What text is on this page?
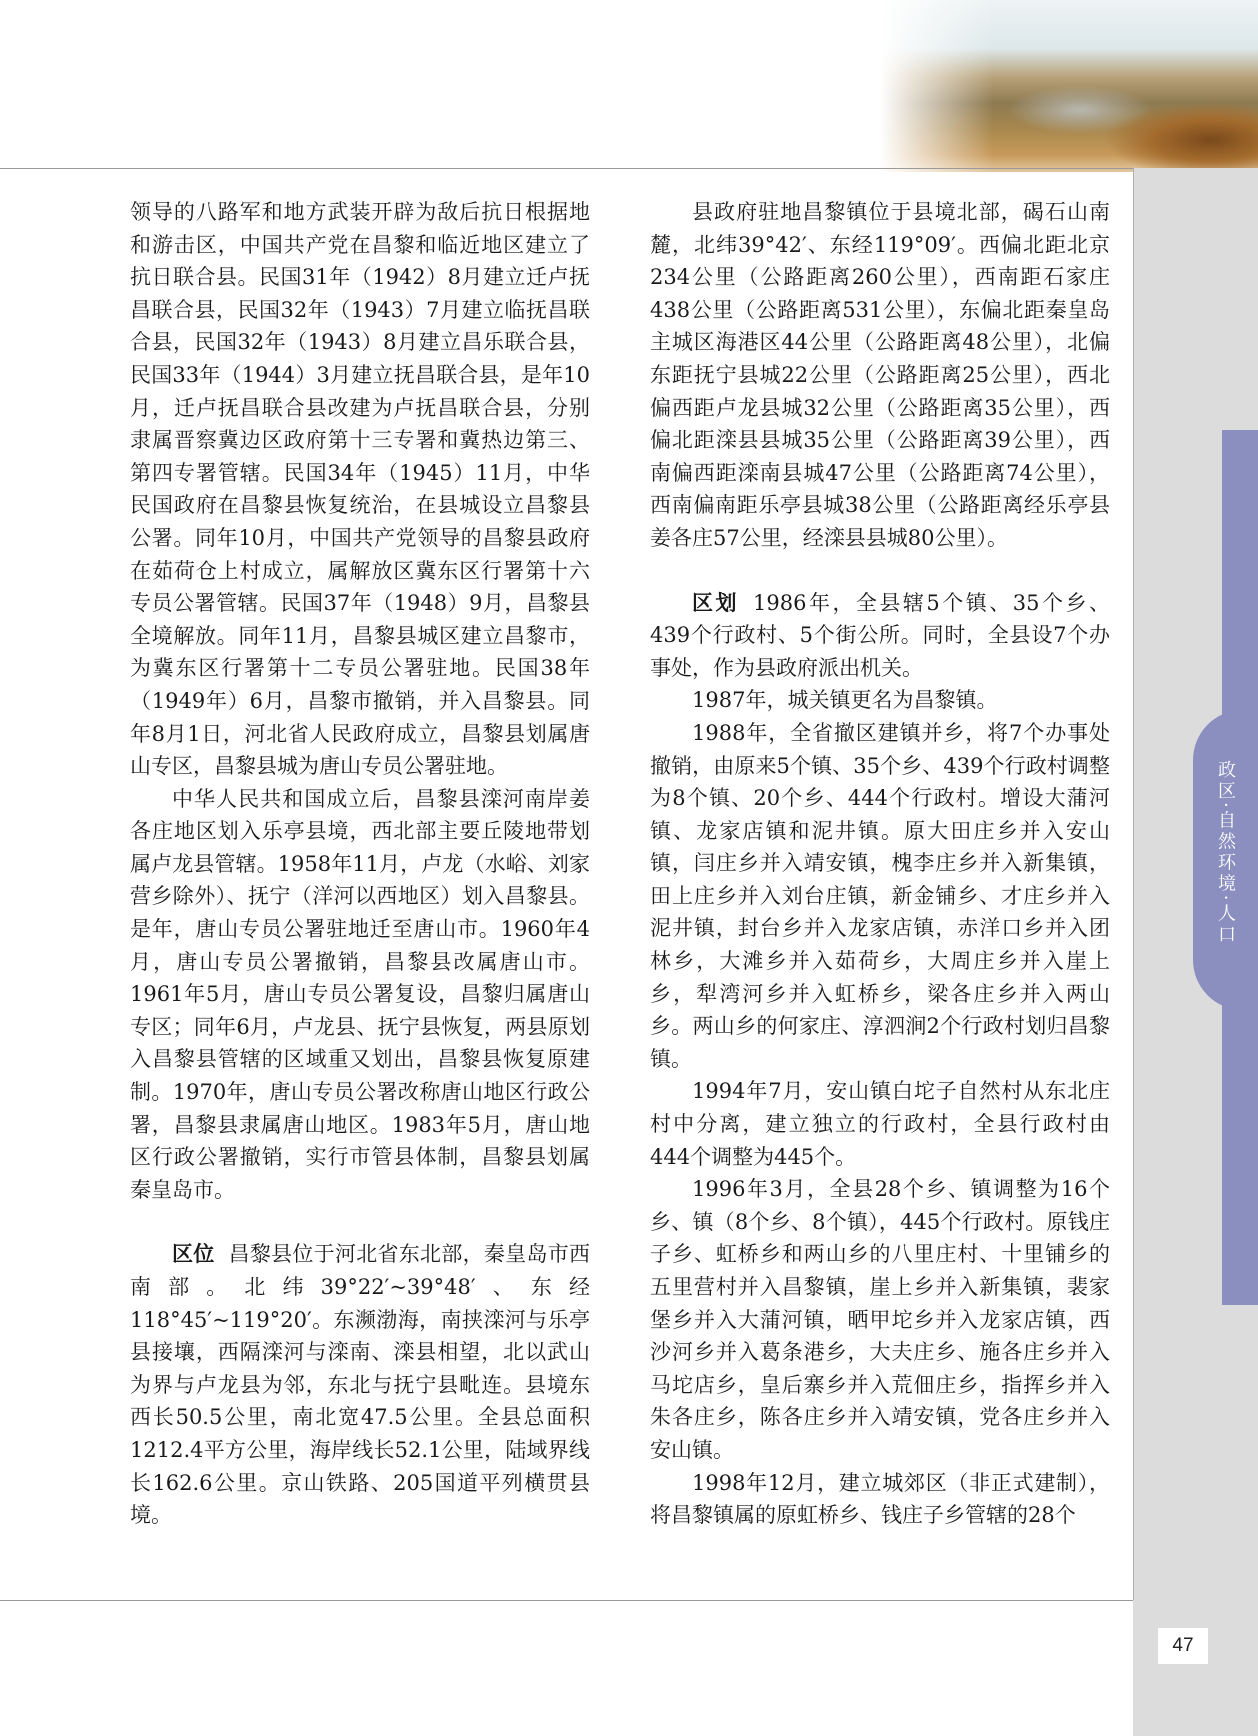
政区·自然环境·人口

领导的八路军和地方武装开辟为敌后抗日根据地和游击区，中国共产党在昌黎和临近地区建立了抗日联合县。民国31年（1942）8月建立迁卢抚昌联合县，民国32年（1943）7月建立临抚昌联合县，民国32年（1943）8月建立昌乐联合县，民国33年（1944）3月建立抚昌联合县，是年10月，迁卢抚昌联合县改建为卢抚昌联合县，分别隶属晋察冀边区政府第十三专署和冀热边第三、第四专署管辖。民国34年（1945）11月，中华民国政府在昌黎县恢复统治，在县城设立昌黎县公署。同年10月，中国共产党领导的昌黎县政府在茹荷仓上村成立，属解放区冀东区行署第十六专员公署管辖。民国37年（1948）9月，昌黎县全境解放。同年11月，昌黎县城区建立昌黎市，为冀东区行署第十二专员公署驻地。民国38年（1949年）6月，昌黎市撤销，并入昌黎县。同年8月1日，河北省人民政府成立，昌黎县划属唐山专区，昌黎县城为唐山专员公署驻地。

中华人民共和国成立后，昌黎县滦河南岸姜各庄地区划入乐亭县境，西北部主要丘陵地带划属卢龙县管辖。1958年11月，卢龙（水峪、刘家营乡除外）、抚宁（洋河以西地区）划入昌黎县。是年，唐山专员公署驻地迁至唐山市。1960年4月，唐山专员公署撤销，昌黎县改属唐山市。1961年5月，唐山专员公署复设，昌黎归属唐山专区；同年6月，卢龙县、抚宁县恢复，两县原划入昌黎县管辖的区域重又划出，昌黎县恢复原建制。1970年，唐山专员公署改称唐山地区行政公署，昌黎县隶属唐山地区。1983年5月，唐山地区行政公署撤销，实行市管县体制，昌黎县划属秦皇岛市。

区位 昌黎县位于河北省东北部，秦皇岛市西南部。北纬39°22′~39°48′、东经118°45′~119°20′。东濒渤海，南挟滦河与乐亭县接壤，西隔滦河与滦南、滦县相望，北以武山为界与卢龙县为邻，东北与抚宁县毗连。县境东西长50.5公里，南北宽47.5公里。全县总面积1212.4平方公里，海岸线长52.1公里，陆域界线长162.6公里。京山铁路、205国道平列横贯县境。

县政府驻地昌黎镇位于县境北部，碣石山南麓，北纬39°42′、东经119°09′。西偏北距北京234公里（公路距离260公里），西南距石家庄438公里（公路距离531公里），东偏北距秦皇岛主城区海港区44公里（公路距离48公里），北偏东距抚宁县城22公里（公路距离25公里），西北偏西距卢龙县城32公里（公路距离35公里），西偏北距滦县县城35公里（公路距离39公里），西南偏西距滦南县城47公里（公路距离74公里），西南偏南距乐亭县城38公里（公路距离经乐亭县姜各庄57公里，经滦县县城80公里）。

区划 1986年，全县辖5个镇、35个乡、439个行政村、5个街公所。同时，全县设7个办事处，作为县政府派出机关。

1987年，城关镇更名为昌黎镇。

1988年，全省撤区建镇并乡，将7个办事处撤销，由原来5个镇、35个乡、439个行政村调整为8个镇、20个乡、444个行政村。增设大蒲河镇、龙家店镇和泥井镇。原大田庄乡并入安山镇，闫庄乡并入靖安镇，槐李庄乡并入新集镇，田上庄乡并入刘台庄镇，新金铺乡、才庄乡并入泥井镇，封台乡并入龙家店镇，赤洋口乡并入团林乡，大滩乡并入茹荷乡，大周庄乡并入崖上乡，犁湾河乡并入虹桥乡，梁各庄乡并入两山乡。两山乡的何家庄、淳泗涧2个行政村划归昌黎镇。

1994年7月，安山镇白坨子自然村从东北庄村中分离，建立独立的行政村，全县行政村由444个调整为445个。

1996年3月，全县28个乡、镇调整为16个乡、镇（8个乡、8个镇），445个行政村。原钱庄子乡、虹桥乡和两山乡的八里庄村、十里铺乡的五里营村并入昌黎镇，崖上乡并入新集镇，裴家堡乡并入大蒲河镇，晒甲坨乡并入龙家店镇，西沙河乡并入葛条港乡，大夫庄乡、施各庄乡并入马坨店乡，皇后寨乡并入荒佃庄乡，指挥乡并入朱各庄乡，陈各庄乡并入靖安镇，党各庄乡并入安山镇。

1998年12月，建立城郊区（非正式建制），将昌黎镇属的原虹桥乡、钱庄子乡管辖的28个

47
